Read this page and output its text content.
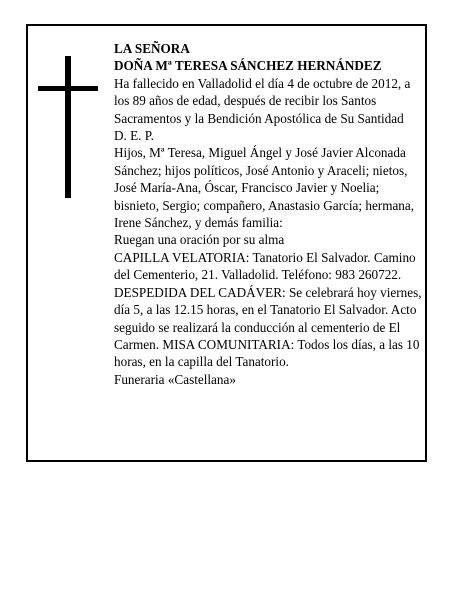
LA SEÑORA

DOÑA Mª TERESA SÁNCHEZ HERNÁNDEZ

Ha fallecido en Valladolid el día 4 de octubre de 2012, a los 89 años de edad, después de recibir los Santos Sacramentos y la Bendición Apostólica de Su Santidad

D. E. P.

Hijos, Mª Teresa, Miguel Ángel y José Javier Alconada Sánchez; hijos políticos, José Antonio y Araceli; nietos, José María-Ana, Óscar, Francisco Javier y Noelia; bisnieto, Sergio; compañero, Anastasio García; hermana, Irene Sánchez, y demás familia:

Ruegan una oración por su alma

CAPILLA VELATORIA: Tanatorio El Salvador. Camino del Cementerio, 21. Valladolid. Teléfono: 983 260722.

DESPEDIDA DEL CADÁVER: Se celebrará hoy viernes, día 5, a las 12.15 horas, en el Tanatorio El Salvador. Acto seguido se realizará la conducción al cementerio de El Carmen. MISA COMUNITARIA: Todos los días, a las 10 horas, en la capilla del Tanatorio.

Funeraria «Castellana»
